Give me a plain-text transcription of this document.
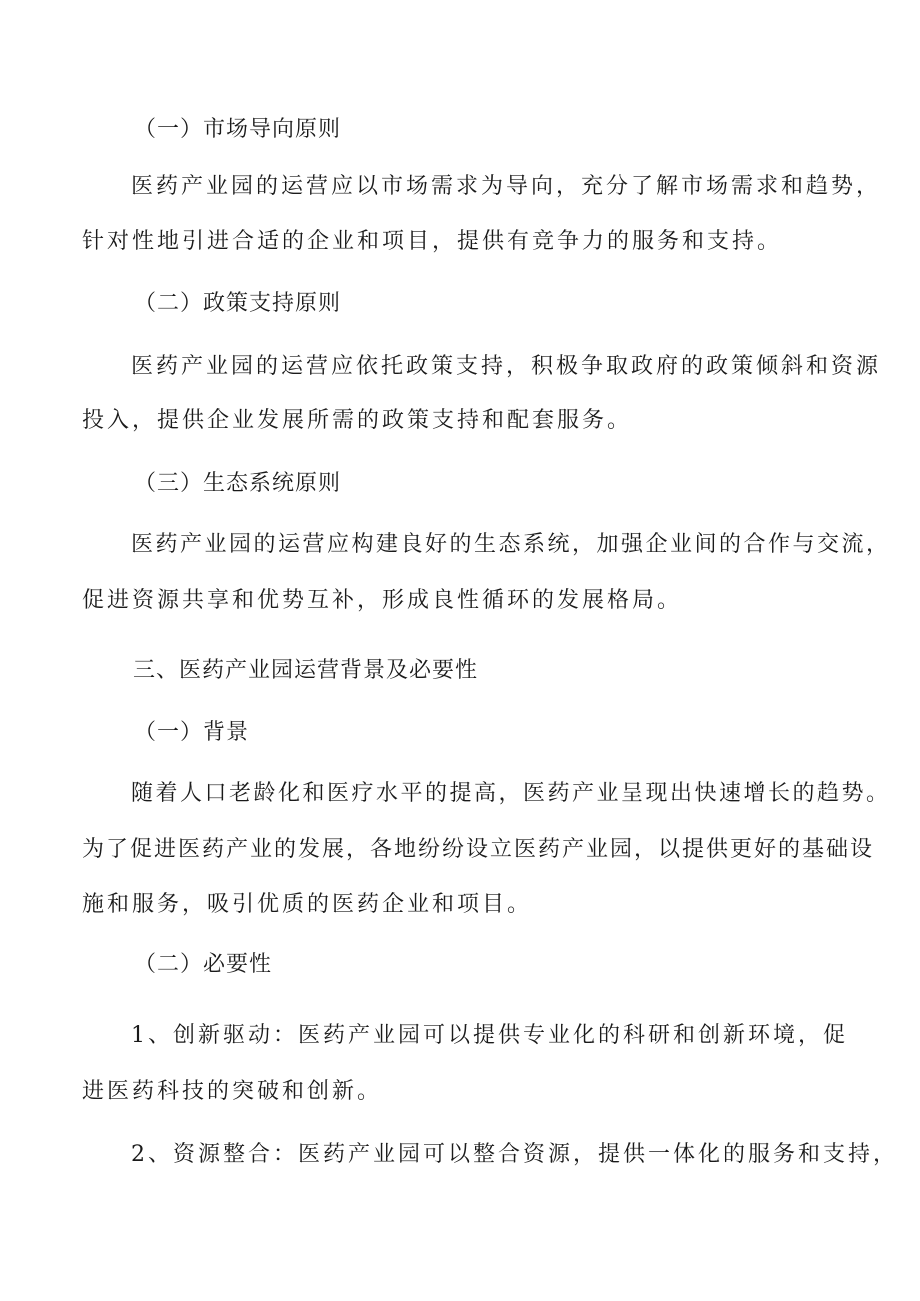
（一）市场导向原则
医药产业园的运营应以市场需求为导向，充分了解市场需求和趋势，
针对性地引进合适的企业和项目，提供有竞争力的服务和支持。
（二）政策支持原则
医药产业园的运营应依托政策支持，积极争取政府的政策倾斜和资源
投入，提供企业发展所需的政策支持和配套服务。
（三）生态系统原则
医药产业园的运营应构建良好的生态系统，加强企业间的合作与交流，
促进资源共享和优势互补，形成良性循环的发展格局。
三、医药产业园运营背景及必要性
（一）背景
随着人口老龄化和医疗水平的提高，医药产业呈现出快速增长的趋势。
为了促进医药产业的发展，各地纷纷设立医药产业园，以提供更好的基础设
施和服务，吸引优质的医药企业和项目。
（二）必要性
1、创新驱动：医药产业园可以提供专业化的科研和创新环境，促
进医药科技的突破和创新。
2、资源整合：医药产业园可以整合资源，提供一体化的服务和支持，
